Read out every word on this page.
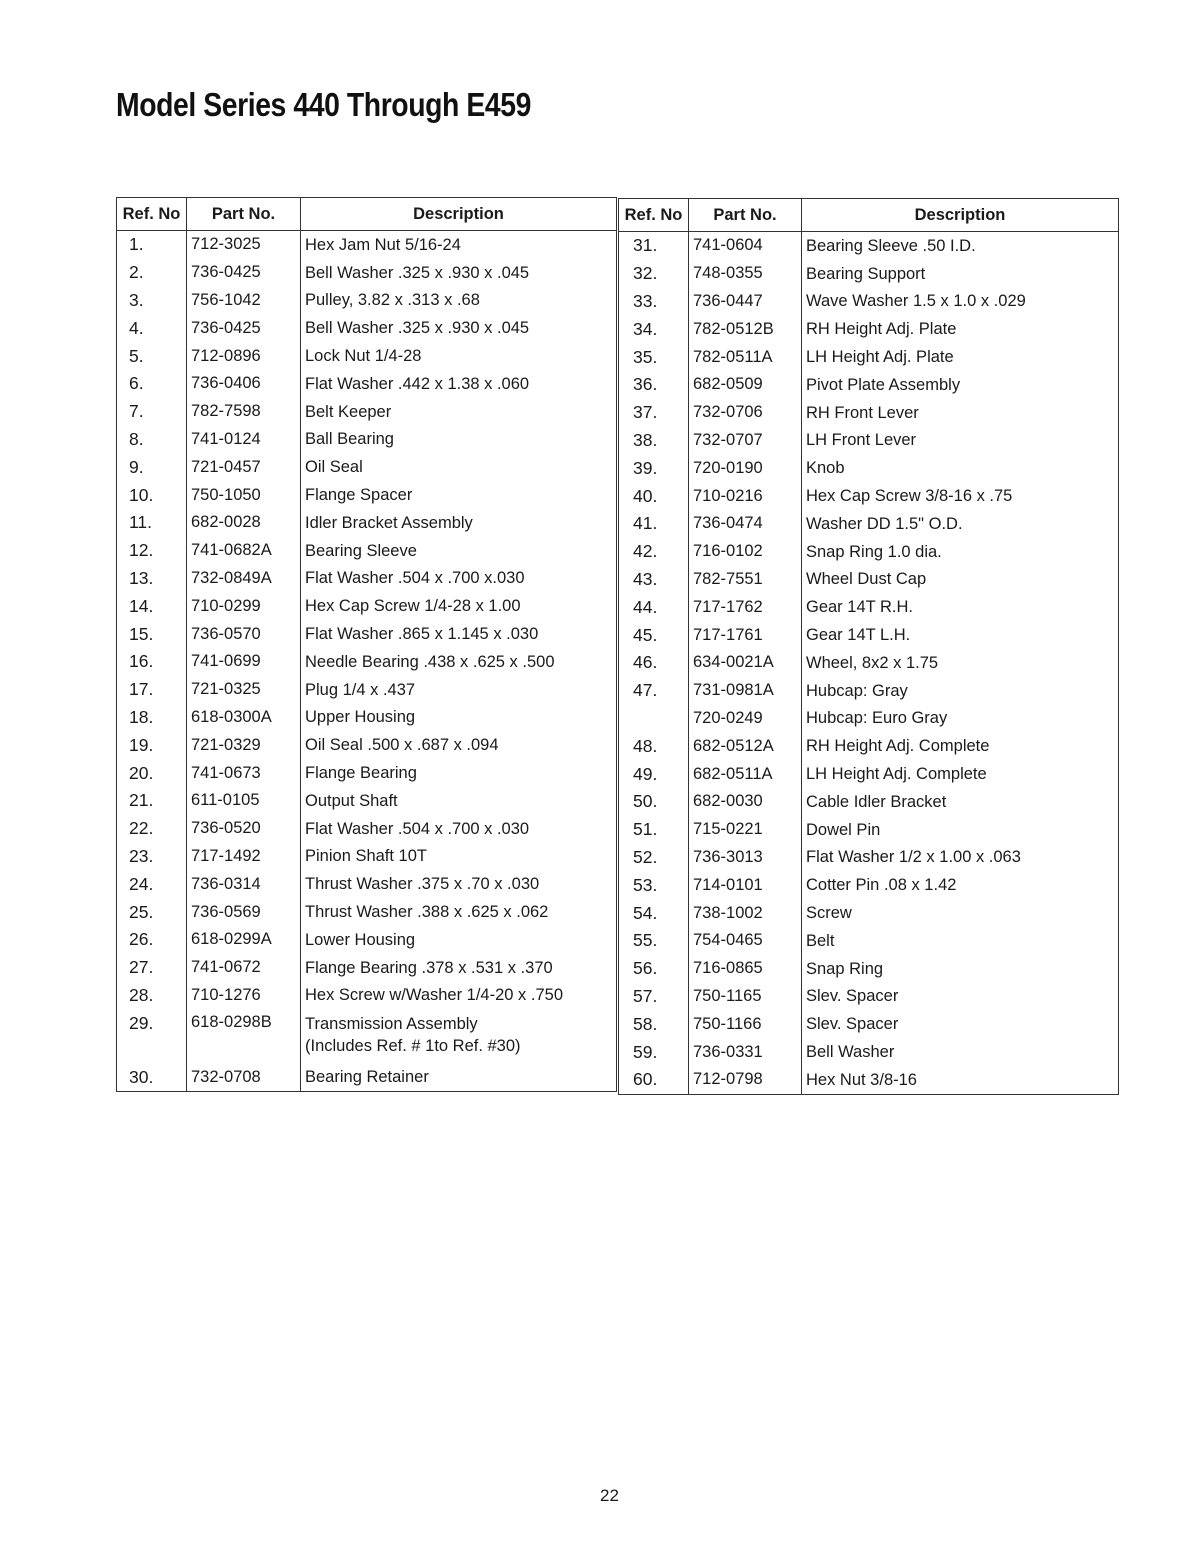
Model Series 440 Through E459
Ref. No	Part No.	Description
1.	712-3025	Hex Jam Nut 5/16-24
2.	736-0425	Bell Washer .325 x .930 x .045
3.	756-1042	Pulley, 3.82 x .313 x .68
4.	736-0425	Bell Washer .325 x .930 x .045
5.	712-0896	Lock Nut 1/4-28
6.	736-0406	Flat Washer .442 x 1.38 x .060
7.	782-7598	Belt Keeper
8.	741-0124	Ball Bearing
9.	721-0457	Oil Seal
10.	750-1050	Flange Spacer
11.	682-0028	Idler Bracket Assembly
12.	741-0682A	Bearing Sleeve
13.	732-0849A	Flat Washer .504 x .700 x.030
14.	710-0299	Hex Cap Screw 1/4-28 x 1.00
15.	736-0570	Flat Washer .865 x 1.145 x .030
16.	741-0699	Needle Bearing .438 x .625 x .500
17.	721-0325	Plug 1/4 x .437
18.	618-0300A	Upper Housing
19.	721-0329	Oil Seal .500 x .687 x .094
20.	741-0673	Flange Bearing
21.	611-0105	Output Shaft
22.	736-0520	Flat Washer .504 x .700 x .030
23.	717-1492	Pinion Shaft 10T
24.	736-0314	Thrust Washer .375 x .70 x .030
25.	736-0569	Thrust Washer .388 x .625 x .062
26.	618-0299A	Lower Housing
27.	741-0672	Flange Bearing .378 x .531 x .370
28.	710-1276	Hex Screw w/Washer 1/4-20 x .750
29.	618-0298B	Transmission Assembly
(Includes Ref. # 1to Ref. #30)
30.	732-0708	Bearing Retainer
Ref. No	Part No.	Description
31.	741-0604	Bearing Sleeve .50 I.D.
32.	748-0355	Bearing Support
33.	736-0447	Wave Washer 1.5 x 1.0 x .029
34.	782-0512B	RH Height Adj. Plate
35.	782-0511A	LH Height Adj. Plate
36.	682-0509	Pivot Plate Assembly
37.	732-0706	RH Front Lever
38.	732-0707	LH Front Lever
39.	720-0190	Knob
40.	710-0216	Hex Cap Screw 3/8-16 x .75
41.	736-0474	Washer DD 1.5" O.D.
42.	716-0102	Snap Ring 1.0 dia.
43.	782-7551	Wheel Dust Cap
44.	717-1762	Gear 14T R.H.
45.	717-1761	Gear 14T L.H.
46.	634-0021A	Wheel, 8x2 x 1.75
47.	731-0981A	Hubcap: Gray
	720-0249	Hubcap: Euro Gray
48.	682-0512A	RH Height Adj. Complete
49.	682-0511A	LH Height Adj. Complete
50.	682-0030	Cable Idler Bracket
51.	715-0221	Dowel Pin
52.	736-3013	Flat Washer 1/2 x 1.00 x .063
53.	714-0101	Cotter Pin .08 x 1.42
54.	738-1002	Screw
55.	754-0465	Belt
56.	716-0865	Snap Ring
57.	750-1165	Slev. Spacer
58.	750-1166	Slev. Spacer
59.	736-0331	Bell Washer
60.	712-0798	Hex Nut 3/8-16
22
